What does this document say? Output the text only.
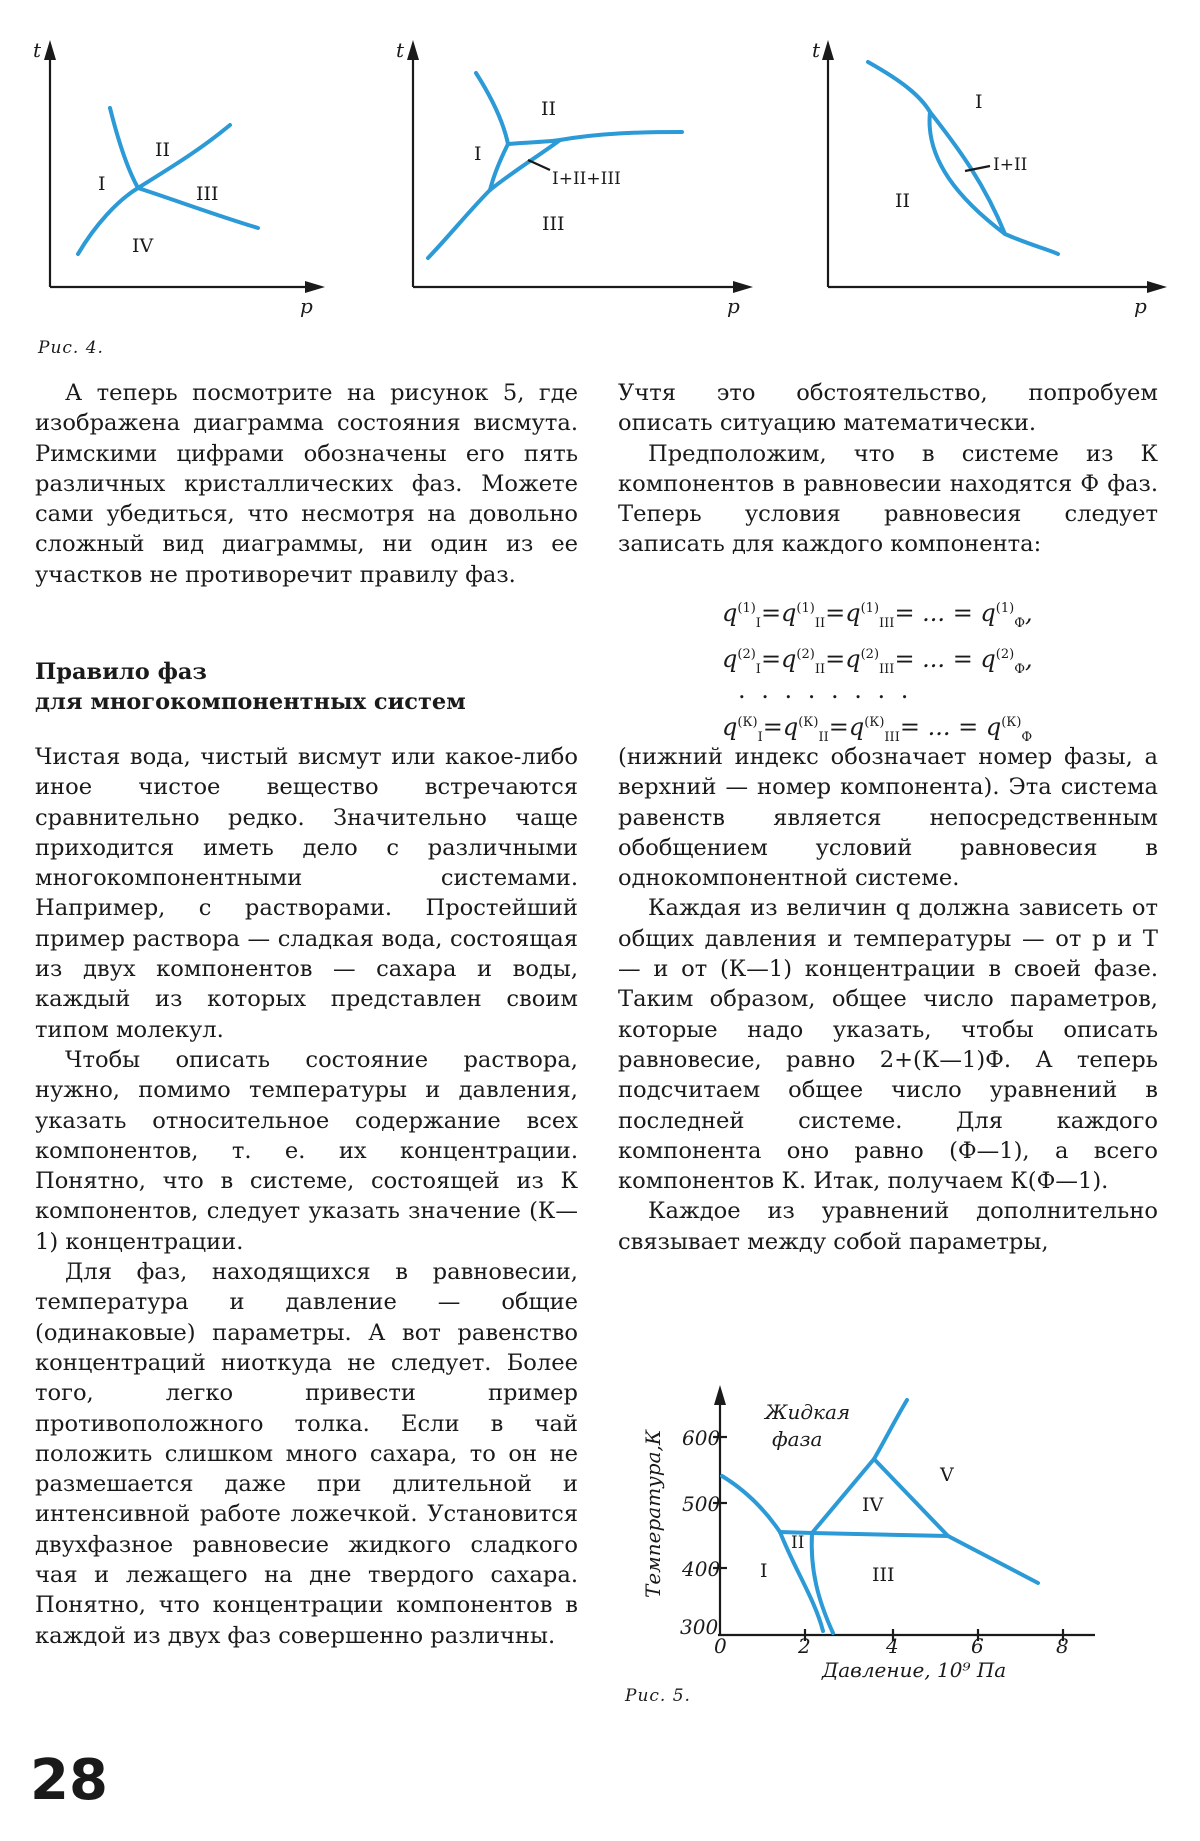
t
p
I
II
III
IV
t
p
I
II
III
I+II+III
t
p
I
II
I+II
Рис. 4.

А теперь посмотрите на рисунок 5, где изображена диаграмма состояния висмута. Римскими цифрами обозначены его пять различных кристаллических фаз. Можете сами убедиться, что несмотря на довольно сложный вид диаграммы, ни один из ее участков не противоречит правилу фаз.

Правило фаз
для многокомпонентных систем

Чистая вода, чистый висмут или какое-либо иное чистое вещество встречаются сравнительно редко. Значительно чаще приходится иметь дело с различными многокомпонентными системами. Например, с растворами. Простейший пример раствора — сладкая вода, состоящая из двух компонентов — сахара и воды, каждый из которых представлен своим типом молекул.

Чтобы описать состояние раствора, нужно, помимо температуры и давления, указать относительное содержание всех компонентов, т. е. их концентрации. Понятно, что в системе, состоящей из К компонентов, следует указать значение (К—1) концентрации.

Для фаз, находящихся в равновесии, температура и давление — общие (одинаковые) параметры. А вот равенство концентраций ниоткуда не следует. Более того, легко привести пример противоположного толка. Если в чай положить слишком много сахара, то он не размешается даже при длительной и интенсивной работе ложечкой. Установится двухфазное равновесие жидкого сладкого чая и лежащего на дне твердого сахара. Понятно, что концентрации компонентов в каждой из двух фаз совершенно различны.

Учтя это обстоятельство, попробуем описать ситуацию математически.

Предположим, что в системе из К компонентов в равновесии находятся Ф фаз. Теперь условия равновесия следует записать для каждого компонента:

$q^{(1)}_I=q^{(1)}_{II}=q^{(1)}_{III}=$ ... = $q^{(1)}_Ф$,
$q^{(2)}_I=q^{(2)}_{II}=q^{(2)}_{III}=$ ... = $q^{(2)}_Ф$,
. . . . . . . .
$q^{(К)}_I=q^{(К)}_{II}=q^{(К)}_{III}=$ ... = $q^{(К)}_Ф$

(нижний индекс обозначает номер фазы, а верхний — номер компонента). Эта система равенств является непосредственным обобщением условий равновесия в однокомпонентной системе.

Каждая из величин q должна зависеть от общих давления и температуры — от p и T — и от (К—1) концентрации в своей фазе. Таким образом, общее число параметров, которые надо указать, чтобы описать равновесие, равно 2+(К—1)Ф. А теперь подсчитаем общее число уравнений в последней системе. Для каждого компонента оно равно (Ф—1), а всего компонентов К. Итак, получаем К(Ф—1).

Каждое из уравнений дополнительно связывает между собой параметры,

600
500
400
300
0	2	4	6	8
Температура,К
Давление, 10⁹ Па
Жидкая
фаза
I
II
III
IV
V
Рис. 5.
28
